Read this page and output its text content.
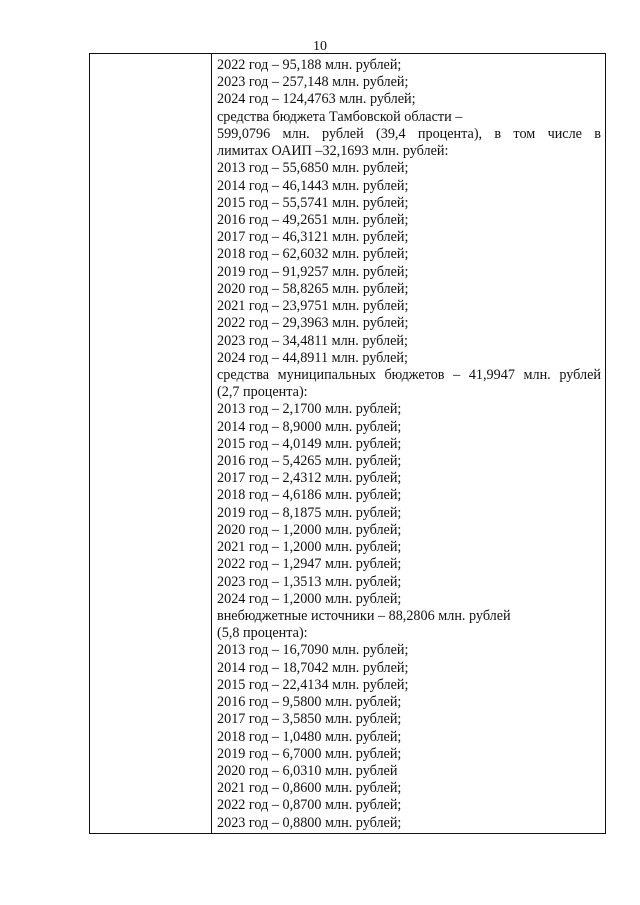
10
2022 год – 95,188 млн. рублей;
2023 год – 257,148 млн. рублей;
2024 год – 124,4763 млн. рублей;
средства бюджета Тамбовской области –
599,0796 млн. рублей (39,4 процента), в том числе в
лимитах ОАИП –32,1693 млн. рублей:
2013 год – 55,6850 млн. рублей;
2014 год – 46,1443 млн. рублей;
2015 год – 55,5741 млн. рублей;
2016 год – 49,2651 млн. рублей;
2017 год – 46,3121 млн. рублей;
2018 год – 62,6032 млн. рублей;
2019 год – 91,9257 млн. рублей;
2020 год – 58,8265 млн. рублей;
2021 год – 23,9751 млн. рублей;
2022 год – 29,3963 млн. рублей;
2023 год – 34,4811 млн. рублей;
2024 год – 44,8911 млн. рублей;
средства муниципальных бюджетов – 41,9947 млн. рублей
(2,7 процента):
2013 год – 2,1700 млн. рублей;
2014 год – 8,9000 млн. рублей;
2015 год – 4,0149 млн. рублей;
2016 год – 5,4265 млн. рублей;
2017 год – 2,4312 млн. рублей;
2018 год – 4,6186 млн. рублей;
2019 год – 8,1875 млн. рублей;
2020 год – 1,2000 млн. рублей;
2021 год – 1,2000 млн. рублей;
2022 год – 1,2947 млн. рублей;
2023 год – 1,3513 млн. рублей;
2024 год – 1,2000 млн. рублей;
внебюджетные источники – 88,2806 млн. рублей
(5,8 процента):
2013 год – 16,7090 млн. рублей;
2014 год – 18,7042 млн. рублей;
2015 год – 22,4134 млн. рублей;
2016 год – 9,5800 млн. рублей;
2017 год – 3,5850 млн. рублей;
2018 год – 1,0480 млн. рублей;
2019 год – 6,7000 млн. рублей;
2020 год – 6,0310 млн. рублей
2021 год – 0,8600 млн. рублей;
2022 год – 0,8700 млн. рублей;
2023 год – 0,8800 млн. рублей;
